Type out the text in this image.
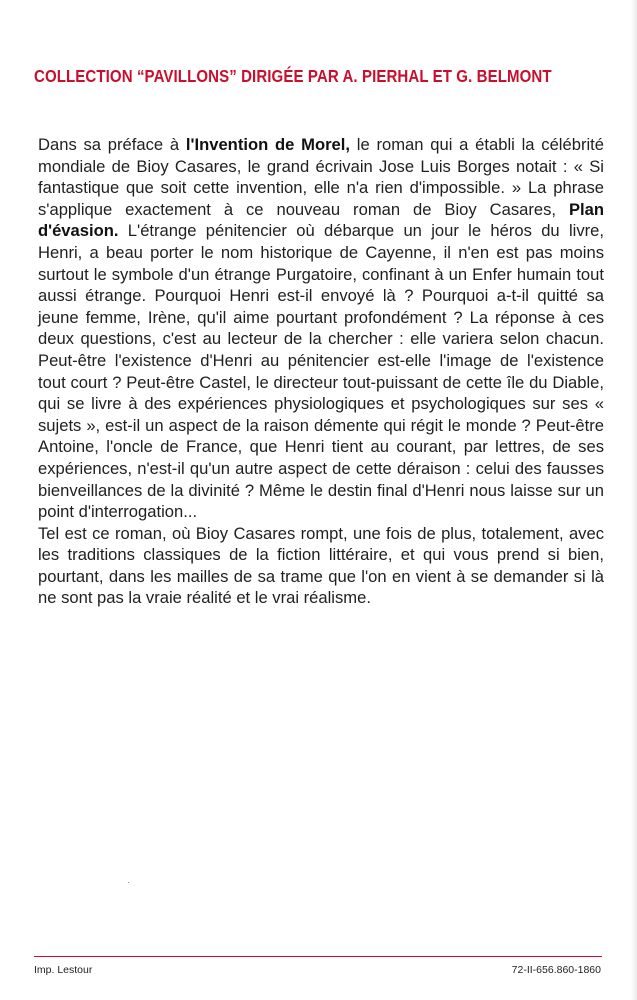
COLLECTION “PAVILLONS” DIRIGÉE PAR A. PIERHAL ET G. BELMONT

Dans sa préface à l'Invention de Morel, le roman qui a établi la célébrité mondiale de Bioy Casares, le grand écrivain Jose Luis Borges notait : « Si fantastique que soit cette invention, elle n'a rien d'impossible. » La phrase s'applique exactement à ce nouveau roman de Bioy Casares, Plan d'évasion. L'étrange pénitencier où débarque un jour le héros du livre, Henri, a beau porter le nom historique de Cayenne, il n'en est pas moins surtout le symbole d'un étrange Purgatoire, confinant à un Enfer humain tout aussi étrange. Pourquoi Henri est-il envoyé là ? Pourquoi a-t-il quitté sa jeune femme, Irène, qu'il aime pourtant profondément ? La réponse à ces deux questions, c'est au lecteur de la chercher : elle variera selon chacun. Peut-être l'existence d'Henri au pénitencier est-elle l'image de l'existence tout court ? Peut-être Castel, le directeur tout-puissant de cette île du Diable, qui se livre à des expériences physiologiques et psychologiques sur ses « sujets », est-il un aspect de la raison démente qui régit le monde ? Peut-être Antoine, l'oncle de France, que Henri tient au courant, par lettres, de ses expériences, n'est-il qu'un autre aspect de cette déraison : celui des fausses bienveillances de la divinité ? Même le destin final d'Henri nous laisse sur un point d'interrogation...

Tel est ce roman, où Bioy Casares rompt, une fois de plus, totalement, avec les traditions classiques de la fiction littéraire, et qui vous prend si bien, pourtant, dans les mailles de sa trame que l'on en vient à se demander si là ne sont pas la vraie réalité et le vrai réalisme.

Imp. Lestour	72-II-656.860-1860
